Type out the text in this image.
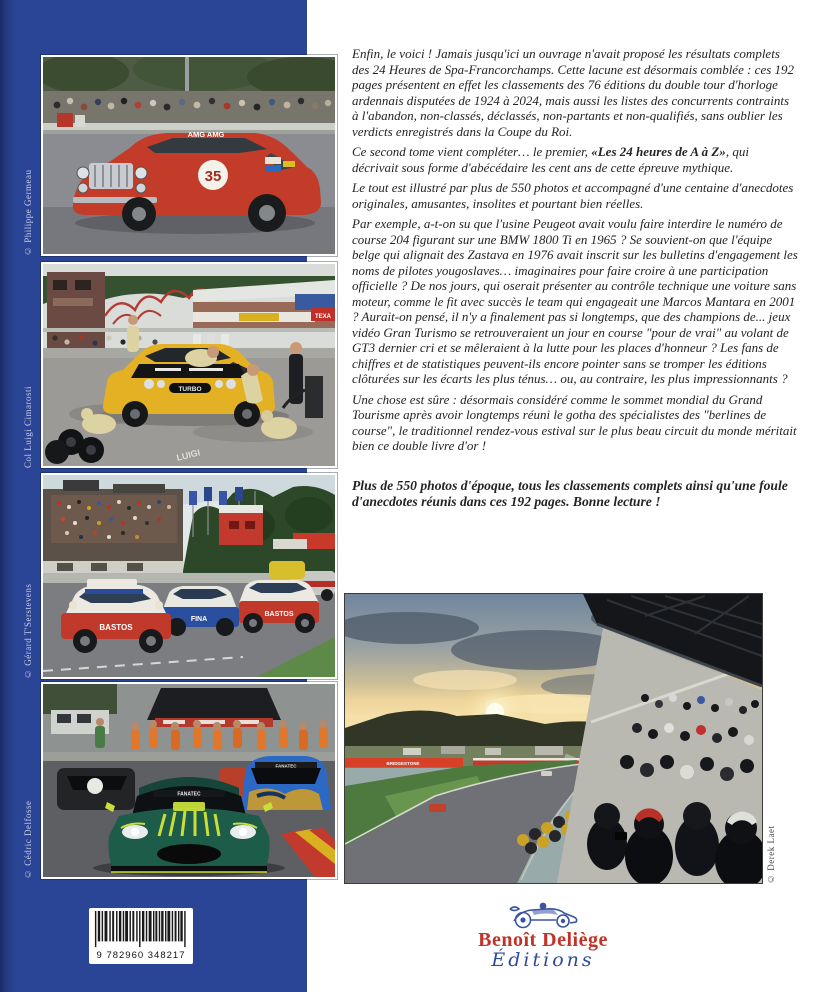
AMG AMG
35
© Philippe Germeau
TEXA
LUIGI
TURBO
Col Luigi Cimarosti
BASTOS
FINA
BASTOS
© Gérard T'Serstevens
FANATEC
FANATEC
© Cédric Delfosse

Enfin, le voici ! Jamais jusqu'ici un ouvrage n'avait proposé les résultats complets des 24 Heures de Spa-Francorchamps. Cette lacune est désormais comblée : ces 192 pages présentent en effet les classements des 76 éditions du double tour d'horloge ardennais disputées de 1924 à 2024, mais aussi les listes des concurrents contraints à l'abandon, non-classés, déclassés, non-partants et non-qualifiés, sans oublier les verdicts enregistrés dans la Coupe du Roi.

Ce second tome vient compléter… le premier, «Les 24 heures de A à Z», qui décrivait sous forme d'abécédaire les cent ans de cette épreuve mythique.

Le tout est illustré par plus de 550 photos et accompagné d'une centaine d'anecdotes originales, amusantes, insolites et pourtant bien réelles.

Par exemple, a-t-on su que l'usine Peugeot avait voulu faire interdire le numéro de course 204 figurant sur une BMW 1800 Ti en 1965 ? Se souvient-on que l'équipe belge qui alignait des Zastava en 1976 avait inscrit sur les bulletins d'engagement les noms de pilotes yougoslaves… imaginaires pour faire croire à une participation officielle ? De nos jours, qui oserait présenter au contrôle technique une voiture sans moteur, comme le fit avec succès le team qui engageait une Marcos Mantara en 2001 ? Aurait-on pensé, il n'y a finalement pas si longtemps, que des champions de... jeux vidéo Gran Turismo se retrouveraient un jour en course "pour de vrai" au volant de GT3 dernier cri et se mêleraient à la lutte pour les places d'honneur ? Les fans de chiffres et de statistiques peuvent-ils encore pointer sans se tromper les éditions clôturées sur les écarts les plus ténus… ou, au contraire, les plus impressionnants ?

Une chose est sûre : désormais considéré comme le sommet mondial du Grand Tourisme après avoir longtemps réuni le gotha des spécialistes des "berlines de course", le traditionnel rendez-vous estival sur le plus beau circuit du monde méritait bien ce double livre d'or !

Plus de 550 photos d'époque, tous les classements complets ainsi qu'une foule d'anecdotes réunis dans ces 192 pages. Bonne lecture !

BRIDGESTONE
© Derek Laet
Benoît Deliège
Éditions
9 782960 348217
